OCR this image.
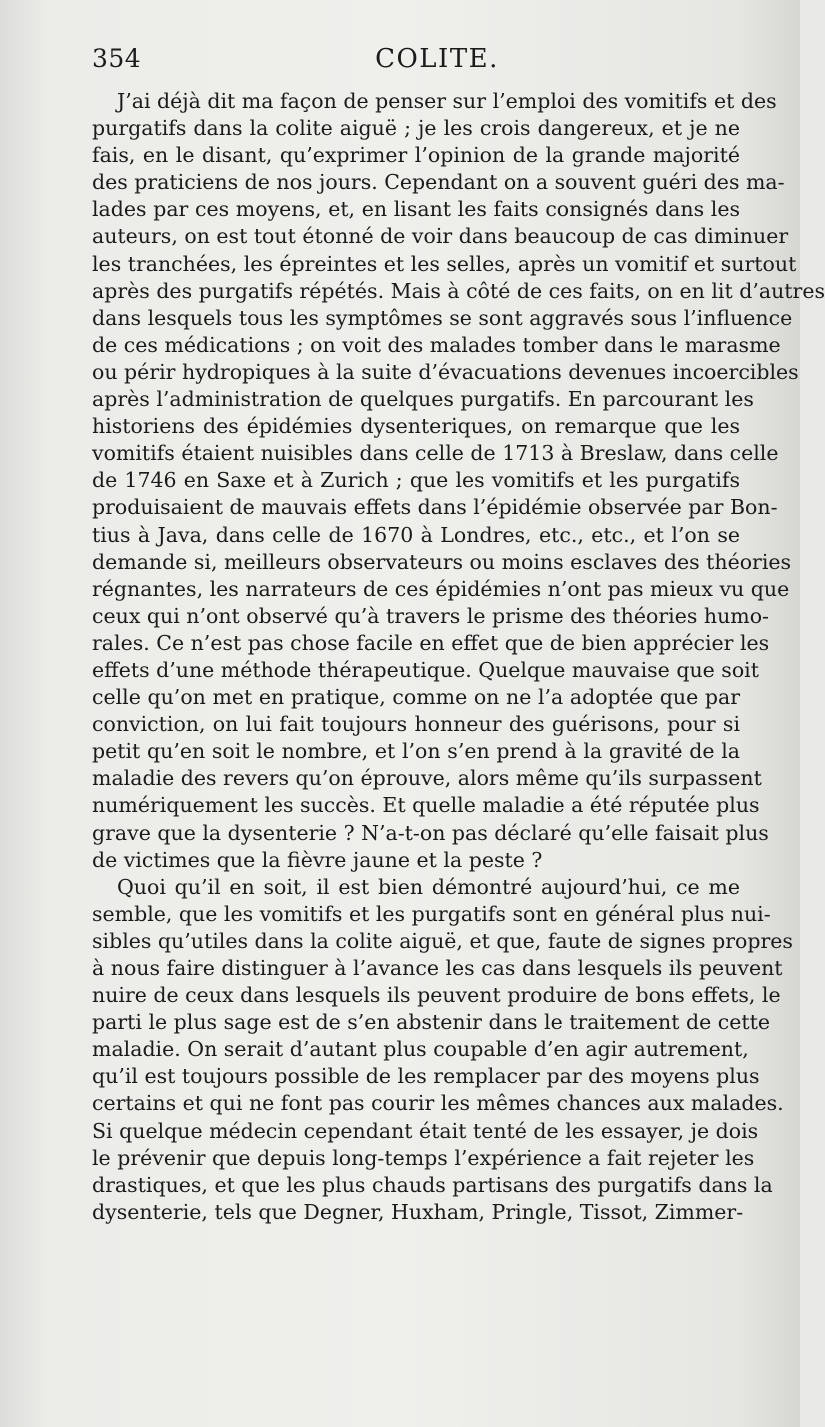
354	COLITE.
J’ai déjà dit ma façon de penser sur l’emploi des vomitifs et des
purgatifs dans la colite aiguë ; je les crois dangereux, et je ne
fais, en le disant, qu’exprimer l’opinion de la grande majorité
des praticiens de nos jours. Cependant on a souvent guéri des ma-
lades par ces moyens, et, en lisant les faits consignés dans les
auteurs, on est tout étonné de voir dans beaucoup de cas diminuer
les tranchées, les épreintes et les selles, après un vomitif et surtout
après des purgatifs répétés. Mais à côté de ces faits, on en lit d’autres
dans lesquels tous les symptômes se sont aggravés sous l’influence
de ces médications ; on voit des malades tomber dans le marasme
ou périr hydropiques à la suite d’évacuations devenues incoercibles
après l’administration de quelques purgatifs. En parcourant les
historiens des épidémies dysenteriques, on remarque que les
vomitifs étaient nuisibles dans celle de 1713 à Breslaw, dans celle
de 1746 en Saxe et à Zurich ; que les vomitifs et les purgatifs
produisaient de mauvais effets dans l’épidémie observée par Bon-
tius à Java, dans celle de 1670 à Londres, etc., etc., et l’on se
demande si, meilleurs observateurs ou moins esclaves des théories
régnantes, les narrateurs de ces épidémies n’ont pas mieux vu que
ceux qui n’ont observé qu’à travers le prisme des théories humo-
rales. Ce n’est pas chose facile en effet que de bien apprécier les
effets d’une méthode thérapeutique. Quelque mauvaise que soit
celle qu’on met en pratique, comme on ne l’a adoptée que par
conviction, on lui fait toujours honneur des guérisons, pour si
petit qu’en soit le nombre, et l’on s’en prend à la gravité de la
maladie des revers qu’on éprouve, alors même qu’ils surpassent
numériquement les succès. Et quelle maladie a été réputée plus
grave que la dysenterie ? N’a-t-on pas déclaré qu’elle faisait plus
de victimes que la fièvre jaune et la peste ?
Quoi qu’il en soit, il est bien démontré aujourd’hui, ce me
semble, que les vomitifs et les purgatifs sont en général plus nui-
sibles qu’utiles dans la colite aiguë, et que, faute de signes propres
à nous faire distinguer à l’avance les cas dans lesquels ils peuvent
nuire de ceux dans lesquels ils peuvent produire de bons effets, le
parti le plus sage est de s’en abstenir dans le traitement de cette
maladie. On serait d’autant plus coupable d’en agir autrement,
qu’il est toujours possible de les remplacer par des moyens plus
certains et qui ne font pas courir les mêmes chances aux malades.
Si quelque médecin cependant était tenté de les essayer, je dois
le prévenir que depuis long-temps l’expérience a fait rejeter les
drastiques, et que les plus chauds partisans des purgatifs dans la
dysenterie, tels que Degner, Huxham, Pringle, Tissot, Zimmer-
